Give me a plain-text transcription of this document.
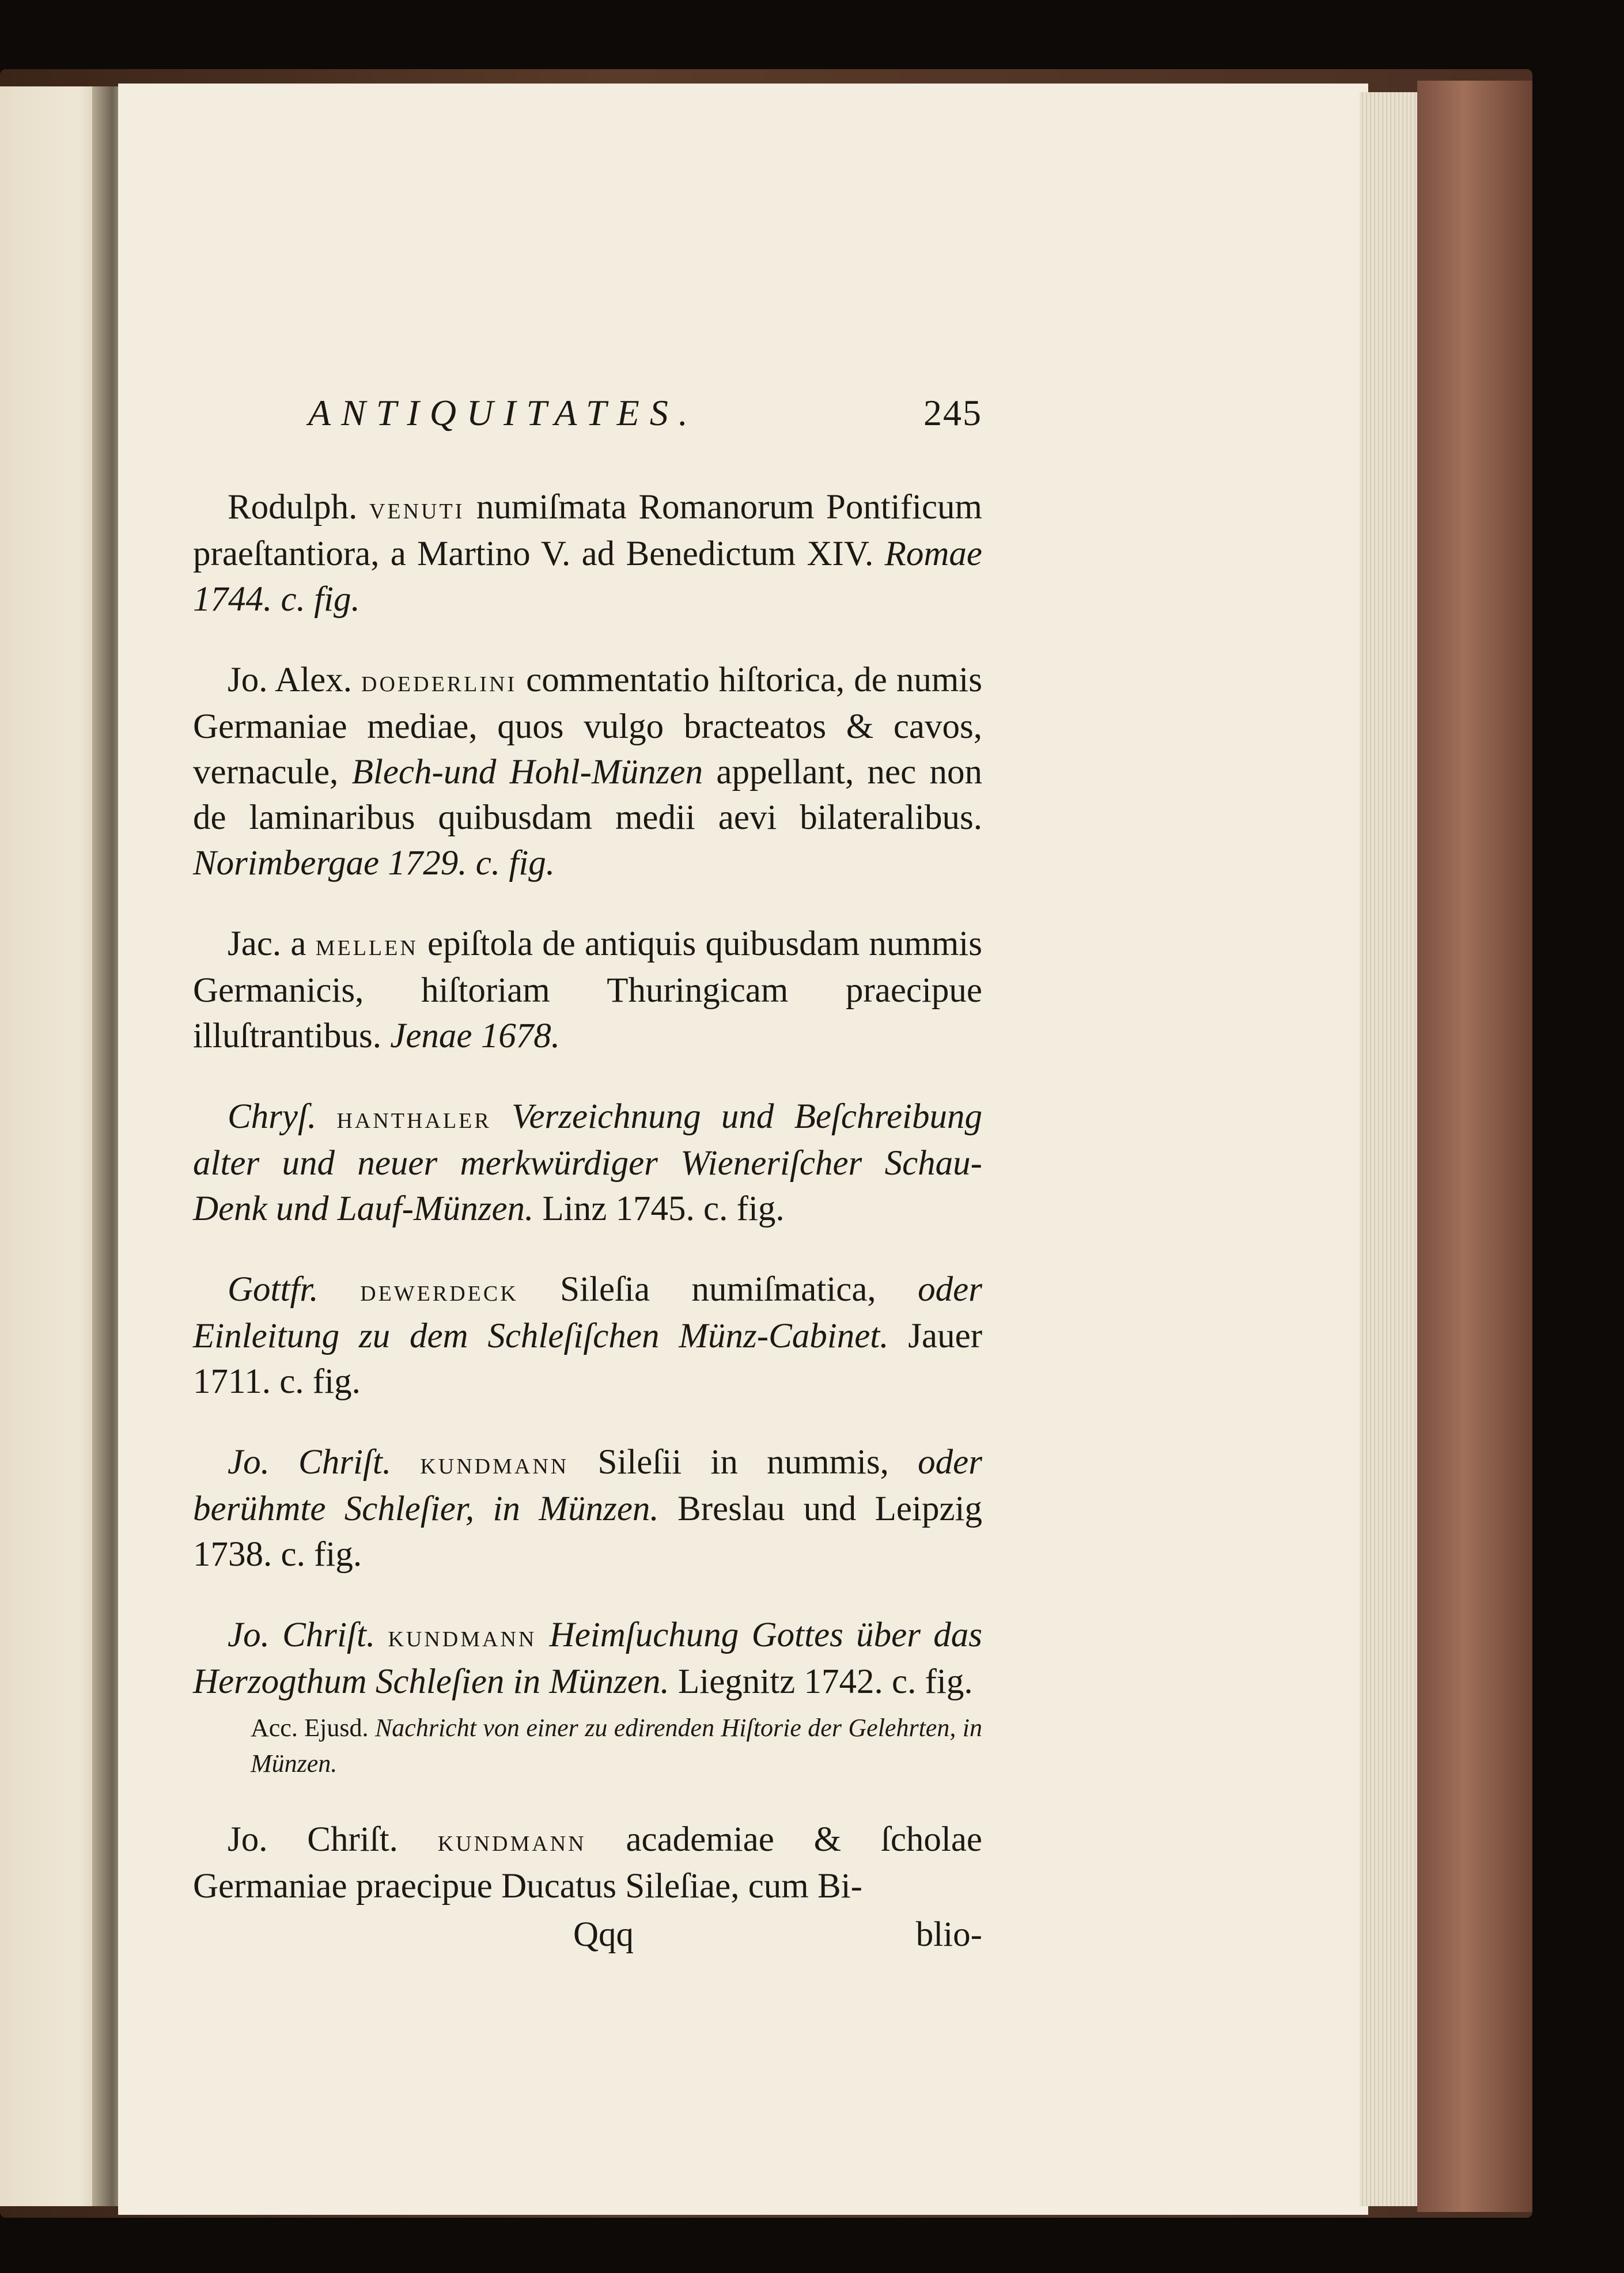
ANTIQUITATES.	245

Rodulph. venuti numiſmata Romanorum Pontificum praeſtantiora, a Martino V. ad Benedictum XIV. Romae 1744. c. fig.

Jo. Alex. doederlini commentatio hiſtorica, de numis Germaniae mediae, quos vulgo bracteatos & cavos, vernacule, Blech-und Hohl-Münzen appellant, nec non de laminaribus quibusdam medii aevi bilateralibus. Norimbergae 1729. c. fig.

Jac. a mellen epiſtola de antiquis quibusdam nummis Germanicis, hiſtoriam Thuringicam praecipue illuſtrantibus. Jenae 1678.

Chryſ. hanthaler Verzeichnung und Beſchreibung alter und neuer merkwürdiger Wieneriſcher Schau-Denk und Lauf-Münzen. Linz 1745. c. fig.

Gottfr. dewerdeck Sileſia numiſmatica, oder Einleitung zu dem Schleſiſchen Münz-Cabinet. Jauer 1711. c. fig.

Jo. Chriſt. kundmann Sileſii in nummis, oder berühmte Schleſier, in Münzen. Breslau und Leipzig 1738. c. fig.

Jo. Chriſt. kundmann Heimſuchung Gottes über das Herzogthum Schleſien in Münzen. Liegnitz 1742. c. fig.

Acc. Ejusd. Nachricht von einer zu edirenden Hiſtorie der Gelehrten, in Münzen.

Jo. Chriſt. kundmann academiae & ſcholae Germaniae praecipue Ducatus Sileſiae, cum Bi-

Qqq	blio-
